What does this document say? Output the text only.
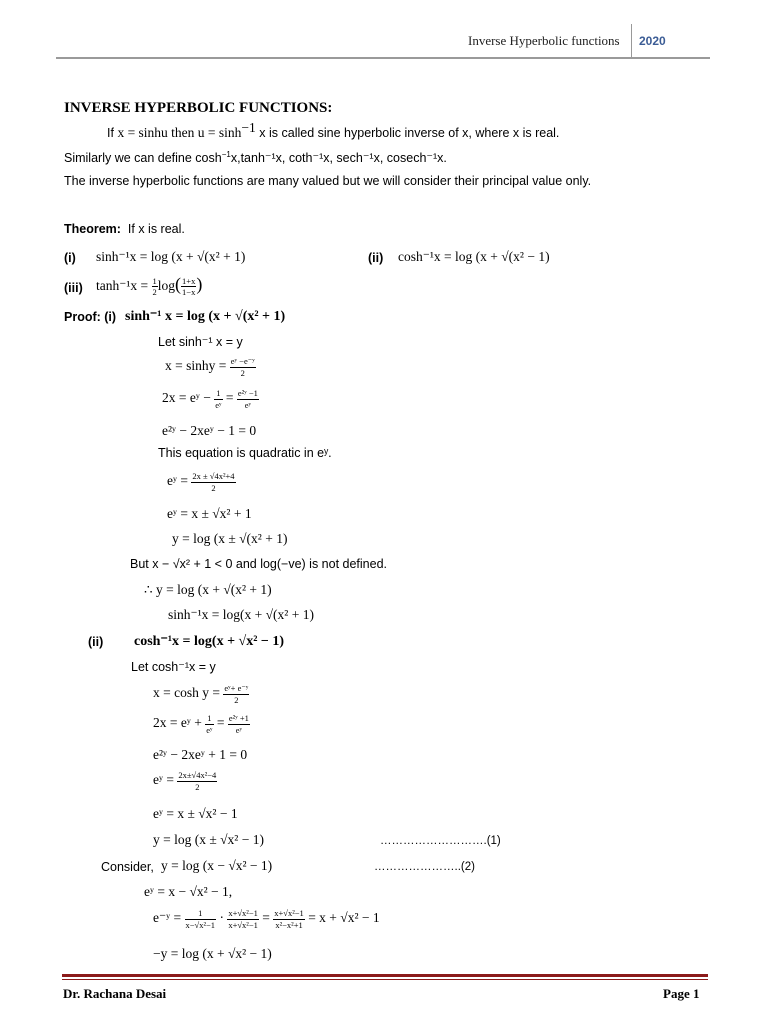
Inverse Hyperbolic functions 2020
INVERSE HYPERBOLIC FUNCTIONS:
If x = sinhu then $u = \sinh^{-1} x$ is called sine hyperbolic inverse of x, where x is real.
Similarly we can define $\cosh^{-1}x,\tanh^{-1}x$, coth⁻¹x, sech⁻¹x, cosech⁻¹x.
The inverse hyperbolic functions are many valued but we will consider their principal value only.
Theorem: If x is real.
(i) sinh⁻¹x = log (x + √(x² + 1)	(ii) cosh⁻¹x = log (x + √(x² − 1)
(iii) $\tanh^{-1}x = \frac{1}{2} \log( \frac{1+x}{1-x}$ )
Proof: (i) sinh⁻¹ x = log (x + √(x² + 1)
Let sinh⁻¹ x = y
$x = \sinh y = \frac{\text{eʸ −e⁻ʸ}}{2}$
2x = eʸ − $\frac{1}{\text{eʸ}} = \frac{\text{e²ʸ −1}}{\text{eʸ}}$
e²ʸ − 2xeʸ − 1 = 0
This equation is quadratic in eʸ.
eʸ = $\frac{\text{2x ± √4x²+4}}{2}$
eʸ = x ± √x² + 1
y = log (x ± √(x² + 1)
But x − √x² + 1 < 0 and log(−ve) is not defined.
∴ y = log (x + √(x² + 1)
sinh⁻¹x = log(x + √(x² + 1)
(ii) cosh⁻¹x = log(x + √x² − 1)
Let cosh⁻¹x = y
$x = \cosh y = \frac{\text{eʸ+ e⁻ʸ}}{2}$
2x = eʸ + $\frac{1}{\text{eʸ}} = \frac{\text{e²ʸ +1}}{\text{eʸ}}$
e²ʸ − 2xeʸ + 1 = 0
eʸ = $\frac{\text{2x±√4x²−4}}{2}$
eʸ = x ± √x² − 1
y = log (x ± √x² − 1)	……………………….(1)
Consider, y = log (x − √x² − 1)	…………………..(2)
eʸ = x − √x² − 1,
e⁻ʸ = $\frac{1}{\text{x−√x²−1}} \cdot \frac{\text{x+√x²−1}}{\text{x+√x²−1}} = \frac{\text{x+√x²−1}}{\text{x²−x²+1}} = x + √x^2 - 1$
−y = log (x + √x² − 1)
Dr. Rachana Desai	Page 1
